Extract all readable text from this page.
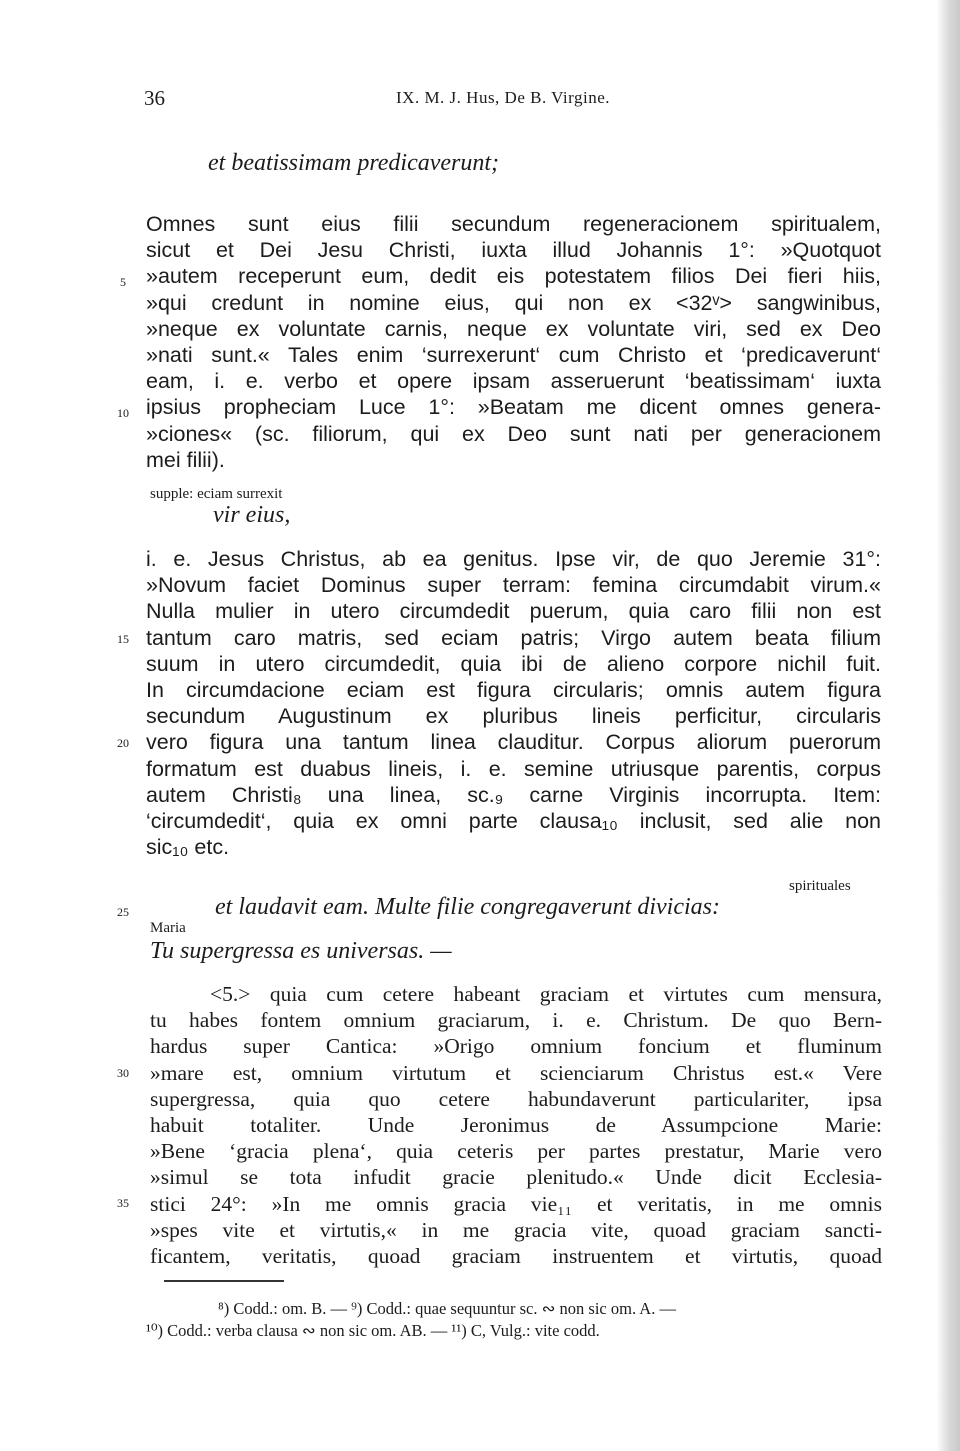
36	IX. M. J. Hus, De B. Virgine.
et beatissimam predicaverunt;
Omnes sunt eius filii secundum regeneracionem spiritualem,
sicut et Dei Jesu Christi, iuxta illud Johannis 1°: »Quotquot
»autem receperunt eum, dedit eis potestatem filios Dei fieri hiis,
»qui credunt in nomine eius, qui non ex <32ᵛ> sangwinibus,
»neque ex voluntate carnis, neque ex voluntate viri, sed ex Deo
»nati sunt.« Tales enim ‘surrexerunt‘ cum Christo et ‘predicaverunt‘
eam, i. e. verbo et opere ipsam asseruerunt ‘beatissimam‘ iuxta
ipsius propheciam Luce 1°: »Beatam me dicent omnes genera-
»ciones« (sc. filiorum, qui ex Deo sunt nati per generacionem
mei filii).
supple: eciam surrexit
vir eius,
i. e. Jesus Christus, ab ea genitus. Ipse vir, de quo Jeremie 31°:
»Novum faciet Dominus super terram: femina circumdabit virum.«
Nulla mulier in utero circumdedit puerum, quia caro filii non est
tantum caro matris, sed eciam patris; Virgo autem beata filium
suum in utero circumdedit, quia ibi de alieno corpore nichil fuit.
In circumdacione eciam est figura circularis; omnis autem figura
secundum Augustinum ex pluribus lineis perficitur, circularis
vero figura una tantum linea clauditur. Corpus aliorum puerorum
formatum est duabus lineis, i. e. semine utriusque parentis, corpus
autem Christi₈ una linea, sc.₉ carne Virginis incorrupta. Item:
‘circumdedit‘, quia ex omni parte clausa₁₀ inclusit, sed alie non
sic₁₀ etc.
spirituales
et laudavit eam. Multe filie congregaverunt divicias:
Maria
Tu supergressa es universas. —
<5.> quia cum cetere habeant graciam et virtutes cum mensura,
tu habes fontem omnium graciarum, i. e. Christum. De quo Bern-
hardus super Cantica: »Origo omnium foncium et fluminum
»mare est, omnium virtutum et scienciarum Christus est.« Vere
supergressa, quia quo cetere habundaverunt particulariter, ipsa
habuit totaliter. Unde Jeronimus de Assumpcione Marie:
»Bene ‘gracia plena‘, quia ceteris per partes prestatur, Marie vero
»simul se tota infudit gracie plenitudo.« Unde dicit Ecclesia-
stici 24°: »In me omnis gracia vie₁₁ et veritatis, in me omnis
»spes vite et virtutis,« in me gracia vite, quoad graciam sancti-
ficantem, veritatis, quoad graciam instruentem et virtutis, quoad
5
10
15
20
25
30
35
⁸) Codd.: om. B. — ⁹) Codd.: quae sequuntur sc. ∾ non sic om. A. —
¹⁰) Codd.: verba clausa ∾ non sic om. AB. — ¹¹) C, Vulg.: vite codd.
